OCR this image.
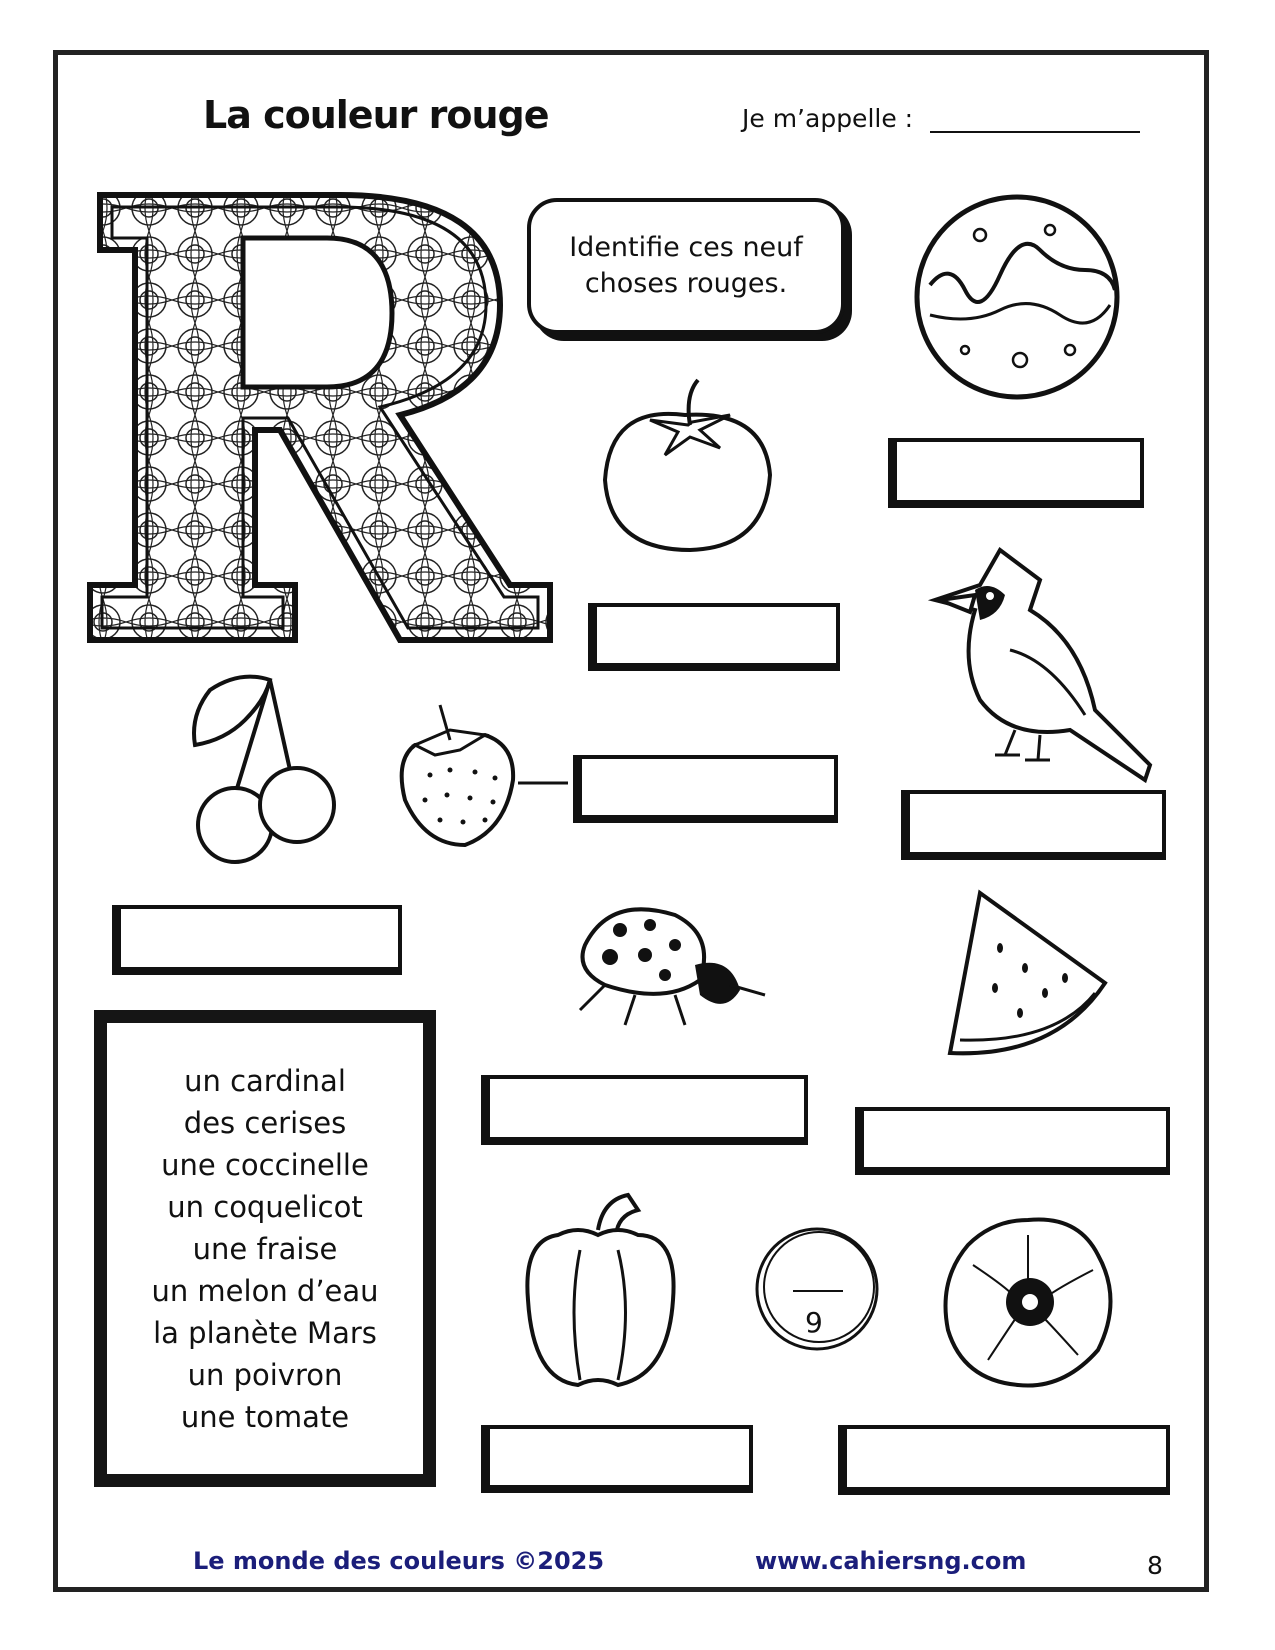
La couleur rouge	Je m’appelle :
Identifie ces neuf choses rouges.
un cardinal
des cerises
une coccinelle
un coquelicot
une fraise
un melon d’eau
la planète Mars
un poivron
une tomate
9
Le monde des couleurs ©2025	www.cahiersng.com	8
